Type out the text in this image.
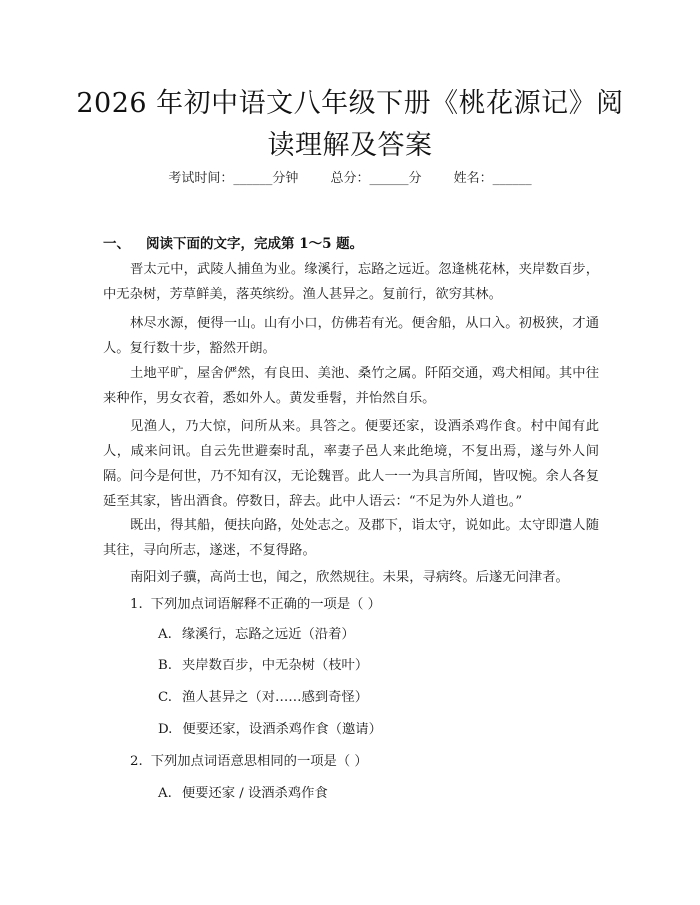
2026 年初中语文八年级下册《桃花源记》阅
读理解及答案
考试时间：______分钟 总分：______分 姓名：______
一、 阅读下面的文字，完成第 1～5 题。

晋太元中，武陵人捕鱼为业。缘溪行，忘路之远近。忽逢桃花林，夹岸数百步，中无杂树，芳草鲜美，落英缤纷。渔人甚异之。复前行，欲穷其林。

林尽水源，便得一山。山有小口，仿佛若有光。便舍船，从口入。初极狭，才通人。复行数十步，豁然开朗。

土地平旷，屋舍俨然，有良田、美池、桑竹之属。阡陌交通，鸡犬相闻。其中往来种作，男女衣着，悉如外人。黄发垂髫，并怡然自乐。

见渔人，乃大惊，问所从来。具答之。便要还家，设酒杀鸡作食。村中闻有此人，咸来问讯。自云先世避秦时乱，率妻子邑人来此绝境，不复出焉，遂与外人间隔。问今是何世，乃不知有汉，无论魏晋。此人一一为具言所闻，皆叹惋。余人各复延至其家，皆出酒食。停数日，辞去。此中人语云：“不足为外人道也。”

既出，得其船，便扶向路，处处志之。及郡下，诣太守，说如此。太守即遣人随其往，寻向所志，遂迷，不复得路。

南阳刘子骥，高尚士也，闻之，欣然规往。未果，寻病终。后遂无问津者。

1. 下列加点词语解释不正确的一项是（ ）
A. 缘溪行，忘路之远近（沿着）
B. 夹岸数百步，中无杂树（枝叶）
C. 渔人甚异之（对……感到奇怪）
D. 便要还家，设酒杀鸡作食（邀请）
2. 下列加点词语意思相同的一项是（ ）
A. 便要还家 / 设酒杀鸡作食
